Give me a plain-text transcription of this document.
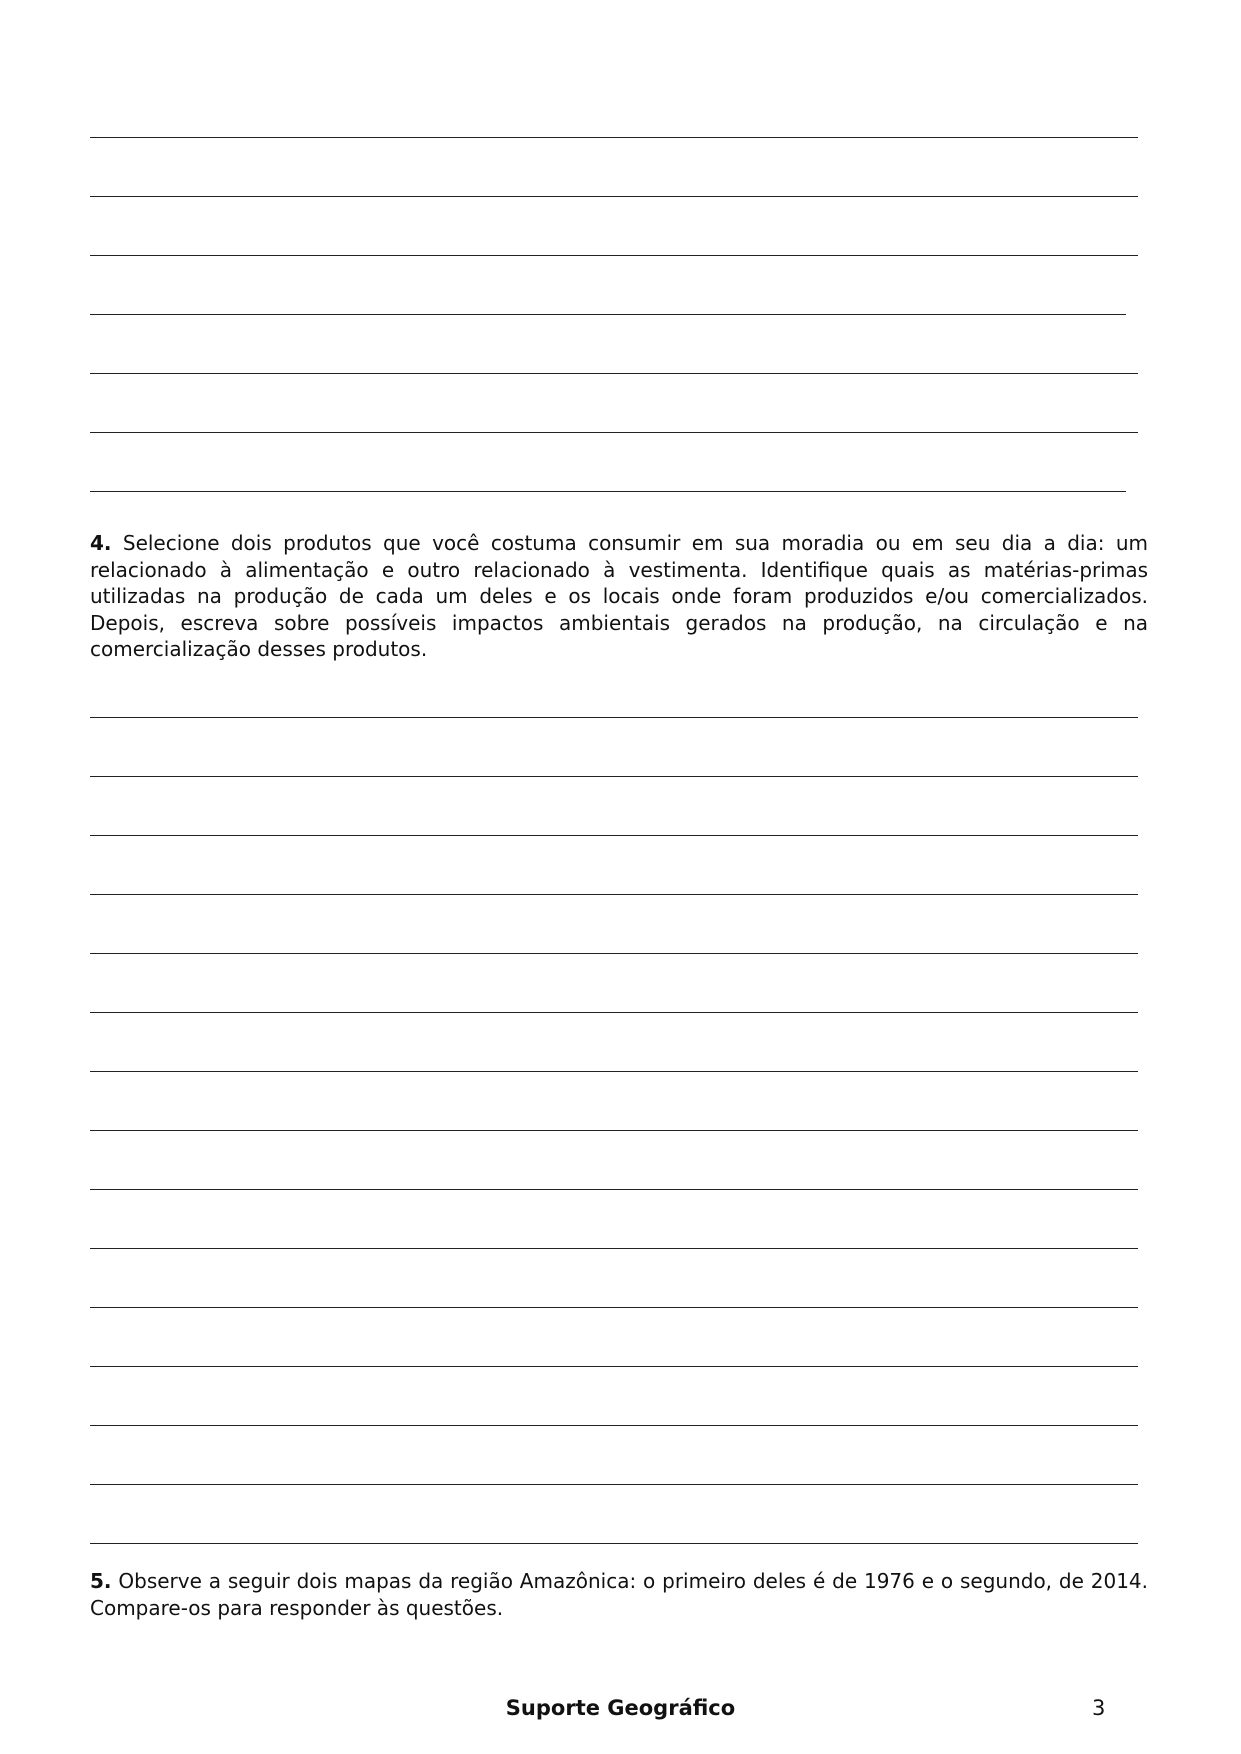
4. Selecione dois produtos que você costuma consumir em sua moradia ou em seu dia a dia: um relacionado à alimentação e outro relacionado à vestimenta. Identifique quais as matérias-primas utilizadas na produção de cada um deles e os locais onde foram produzidos e/ou comercializados. Depois, escreva sobre possíveis impactos ambientais gerados na produção, na circulação e na comercialização desses produtos.

5. Observe a seguir dois mapas da região Amazônica: o primeiro deles é de 1976 e o segundo, de 2014. Compare-os para responder às questões.

Suporte Geográfico	3
